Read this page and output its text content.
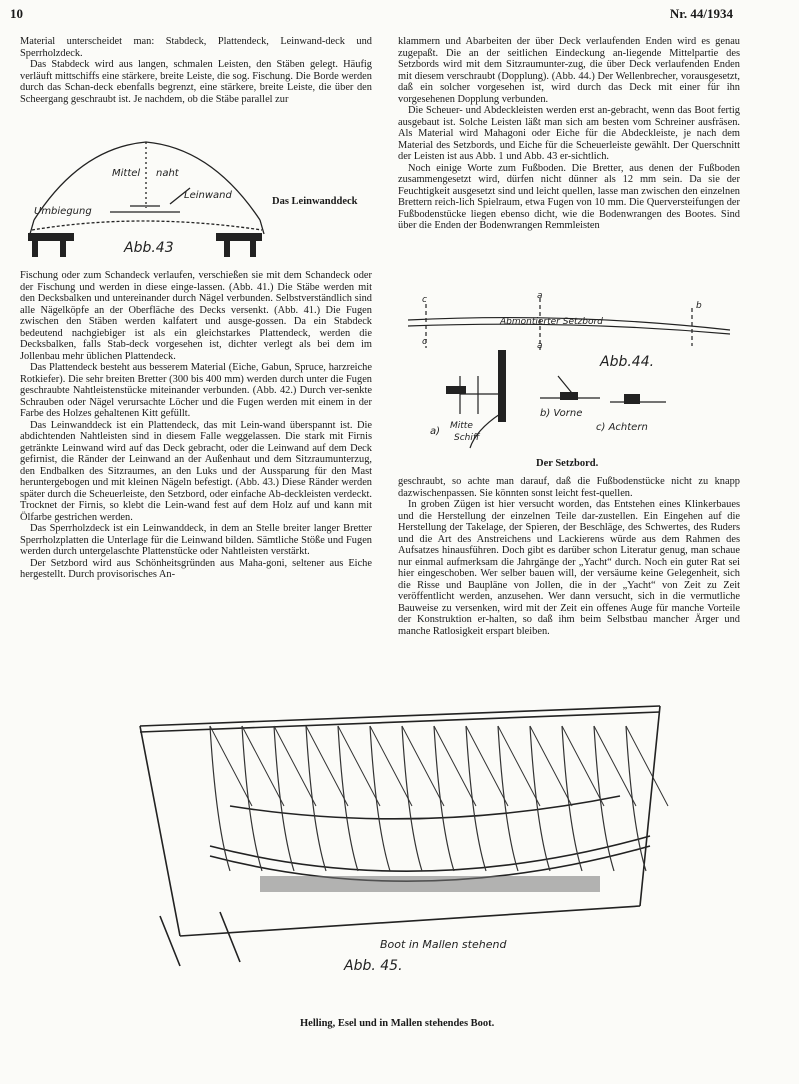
10	Nr. 44/1934

Material unterscheidet man: Stabdeck, Plattendeck, Leinwand-deck und Sperrholzdeck.

Das Stabdeck wird aus langen, schmalen Leisten, den Stäben gelegt. Häufig verläuft mittschiffs eine stärkere, breite Leiste, die sog. Fischung. Die Borde werden durch das Schan-deck ebenfalls begrenzt, eine stärkere, breite Leiste, die über den Scheergang geschraubt ist. Je nachdem, ob die Stäbe parallel zur

Mittel naht
Leinwand
Umbiegung
Abb.43
Das Leinwanddeck

Fischung oder zum Schandeck verlaufen, verschießen sie mit dem Schandeck oder der Fischung und werden in diese einge-lassen. (Abb. 41.) Die Stäbe werden mit den Decksbalken und untereinander durch Nägel verbunden. Selbstverständlich sind alle Nägelköpfe an der Oberfläche des Decks versenkt. (Abb. 41.) Die Fugen zwischen den Stäben werden kalfatert und ausge-gossen. Da ein Stabdeck bedeutend nachgiebiger ist als ein gleichstarkes Plattendeck, werden die Decksbalken, falls Stab-deck vorgesehen ist, dichter verlegt als bei dem im Jollenbau mehr üblichen Plattendeck.

Das Plattendeck besteht aus besserem Material (Eiche, Gabun, Spruce, harzreiche Rotkiefer). Die sehr breiten Bretter (300 bis 400 mm) werden durch unter die Fugen geschraubte Nahtleistenstücke miteinander verbunden. (Abb. 42.) Durch ver-senkte Schrauben oder Nägel verursachte Löcher und die Fugen werden mit einem in der Farbe des Holzes gehaltenen Kitt gefüllt.

Das Leinwanddeck ist ein Plattendeck, das mit Lein-wand überspannt ist. Die abdichtenden Nahtleisten sind in diesem Falle weggelassen. Die stark mit Firnis getränkte Leinwand wird auf das Deck gebracht, oder die Leinwand auf dem Deck gefirnist, die Ränder der Leinwand an der Außenhaut und dem Sitzraumunterzug, den Endbalken des Sitzraumes, an den Luks und der Aussparung für den Mast heruntergebogen und mit kleinen Nägeln befestigt. (Abb. 43.) Diese Ränder werden später durch die Scheuerleiste, den Setzbord, oder einfache Ab-deckleisten verdeckt. Trocknet der Firnis, so klebt die Lein-wand fest auf dem Holz auf und kann mit Ölfarbe gestrichen werden.

Das Sperrholzdeck ist ein Leinwanddeck, in dem an Stelle breiter langer Bretter Sperrholzplatten die Unterlage für die Leinwand bilden. Sämtliche Stöße und Fugen werden durch untergelaschte Plattenstücke oder Nahtleisten verstärkt.

Der Setzbord wird aus Schönheitsgründen aus Maha-goni, seltener aus Eiche hergestellt. Durch provisorisches An-

klammern und Abarbeiten der über Deck verlaufenden Enden wird es genau zugepaßt. Die an der seitlichen Eindeckung an-liegende Mittelpartie des Setzbords wird mit dem Sitzraumunter-zug, die über Deck verlaufenden Enden mit diesem verschraubt (Dopplung). (Abb. 44.) Der Wellenbrecher, vorausgesetzt, daß ein solcher vorgesehen ist, wird durch das Deck mit einer für ihn vorgesehenen Dopplung verbunden.

Die Scheuer- und Abdeckleisten werden erst an-gebracht, wenn das Boot fertig ausgebaut ist. Solche Leisten läßt man sich am besten vom Schreiner ausfräsen. Als Material wird Mahagoni oder Eiche für die Abdeckleiste, je nach dem Material des Setzbords, und Eiche für die Scheuerleiste gewählt. Der Querschnitt der Leisten ist aus Abb. 1 und Abb. 43 er-sichtlich.

Noch einige Worte zum Fußboden. Die Bretter, aus denen der Fußboden zusammengesetzt wird, dürfen nicht dünner als 12 mm sein. Da sie der Feuchtigkeit ausgesetzt sind und leicht quellen, lasse man zwischen den einzelnen Brettern reich-lich Spielraum, etwa Fugen von 10 mm. Die Querversteifungen der Fußbodenstücke liegen ebenso dicht, wie die Bodenwrangen des Bootes. Sind über die Enden der Bodenwrangen Remmleisten

Abmontierter Setzbord
c
c
a
a
b
Abb.44.
a) Mitte
Schiff
b) Vorne
c) Achtern
Der Setzbord.

geschraubt, so achte man darauf, daß die Fußbodenstücke nicht zu knapp dazwischenpassen. Sie könnten sonst leicht fest-quellen.

In groben Zügen ist hier versucht worden, das Entstehen eines Klinkerbaues und die Herstellung der einzelnen Teile dar-zustellen. Ein Eingehen auf die Herstellung der Takelage, der Spieren, der Beschläge, des Schwertes, des Ruders und die Art des Anstreichens und Lackierens würde aus dem Rahmen des Aufsatzes hinausführen. Doch gibt es darüber schon Literatur genug, man schaue nur einmal aufmerksam die Jahrgänge der „Yacht“ durch. Noch ein guter Rat sei hier eingeschoben. Wer selber bauen will, der versäume keine Gelegenheit, sich die Risse und Baupläne von Jollen, die in der „Yacht“ von Zeit zu Zeit veröffentlicht werden, anzusehen. Wer dann versucht, sich in die vermutliche Bauweise zu versenken, wird mit der Zeit ein offenes Auge für manche Vorteile der Konstruktion er-halten, so daß ihm beim Selbstbau mancher Ärger und manche Ratlosigkeit erspart bleiben.

Boot in Mallen stehend
Abb. 45.
Helling, Esel und in Mallen stehendes Boot.
